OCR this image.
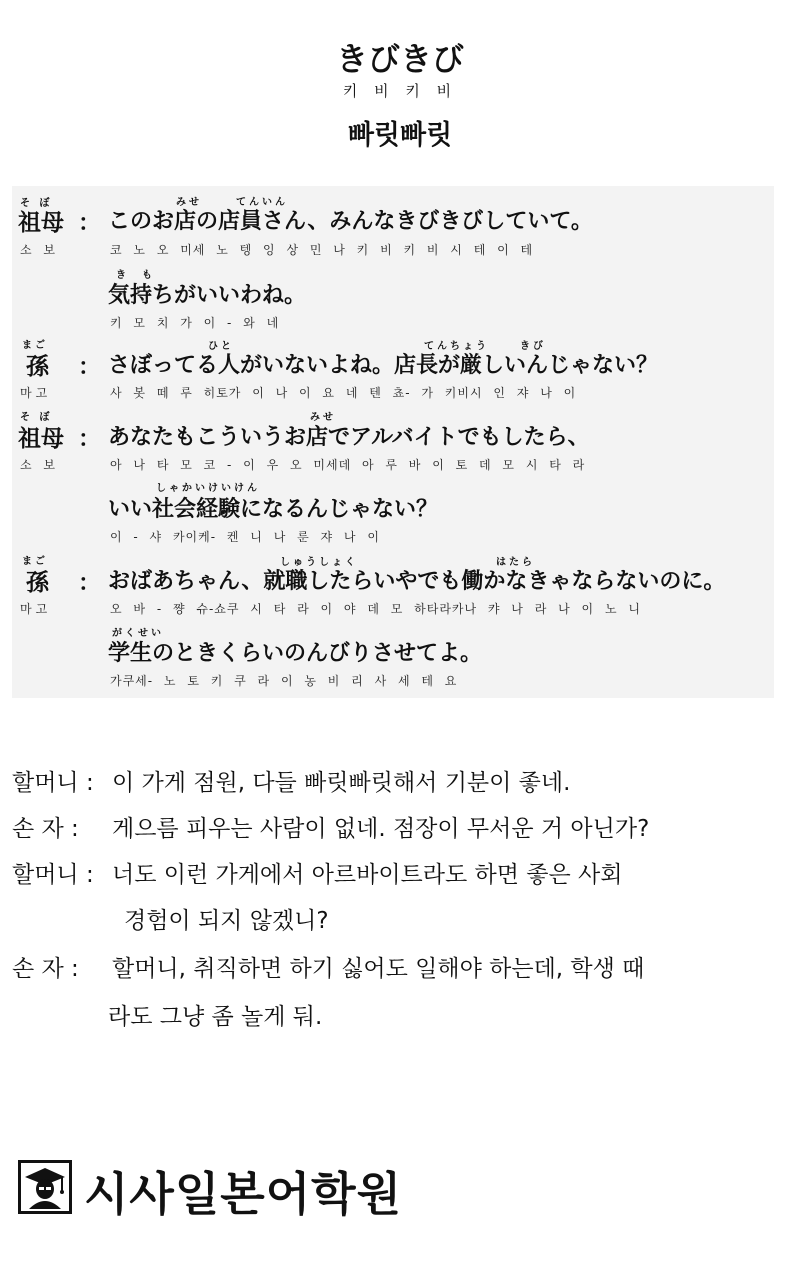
きびきび
키 비 키 비
빠릿빠릿
そ ぼ
祖母 ：
みせ	てんいん
このお店の店員さん、みんなきびきびしていて。
소 보	코 노 오 미세 노 텡 잉 상 민 나 키 비 키 비 시 테 이 테
き も
気持ちがいいわね。
키 모 치 가 이 - 와 네
まご
孫 ：
ひと	てんちょう	きび
さぼってる人がいないよね。店長が厳しいんじゃない？
마고	사 봇 떼 루 히토가 이 나 이 요 네 텐 쵸- 가 키비시 인 쟈 나 이
そ ぼ
祖母 ：
みせ
あなたもこういうお店でアルバイトでもしたら、
소 보	아 나 타 모 코 - 이 우 오 미세데 아 루 바 이 토 데 모 시 타 라
しゃかいけいけん
いい社会経験になるんじゃない？
이 - 샤 카이케- 켄 니 나 룬 쟈 나 이
まご
孫 ：
しゅうしょく	はたら
おばあちゃん、就職したらいやでも働かなきゃならないのに。
마고	오 바 - 쨩 슈-쇼쿠 시 타 라 이 야 데 모 하타라카나 캬 나 라 나 이 노 니
がくせい
学生のときくらいのんびりさせてよ。
가쿠세- 노 토 키 쿠 라 이 농 비 리 사 세 테 요
할머니 : 이 가게 점원, 다들 빠릿빠릿해서 기분이 좋네.
손 자 : 게으름 피우는 사람이 없네. 점장이 무서운 거 아닌가?
할머니 : 너도 이런 가게에서 아르바이트라도 하면 좋은 사회
경험이 되지 않겠니?
손 자 : 할머니, 취직하면 하기 싫어도 일해야 하는데, 학생 때
라도 그냥 좀 놀게 둬.
시사일본어학원
